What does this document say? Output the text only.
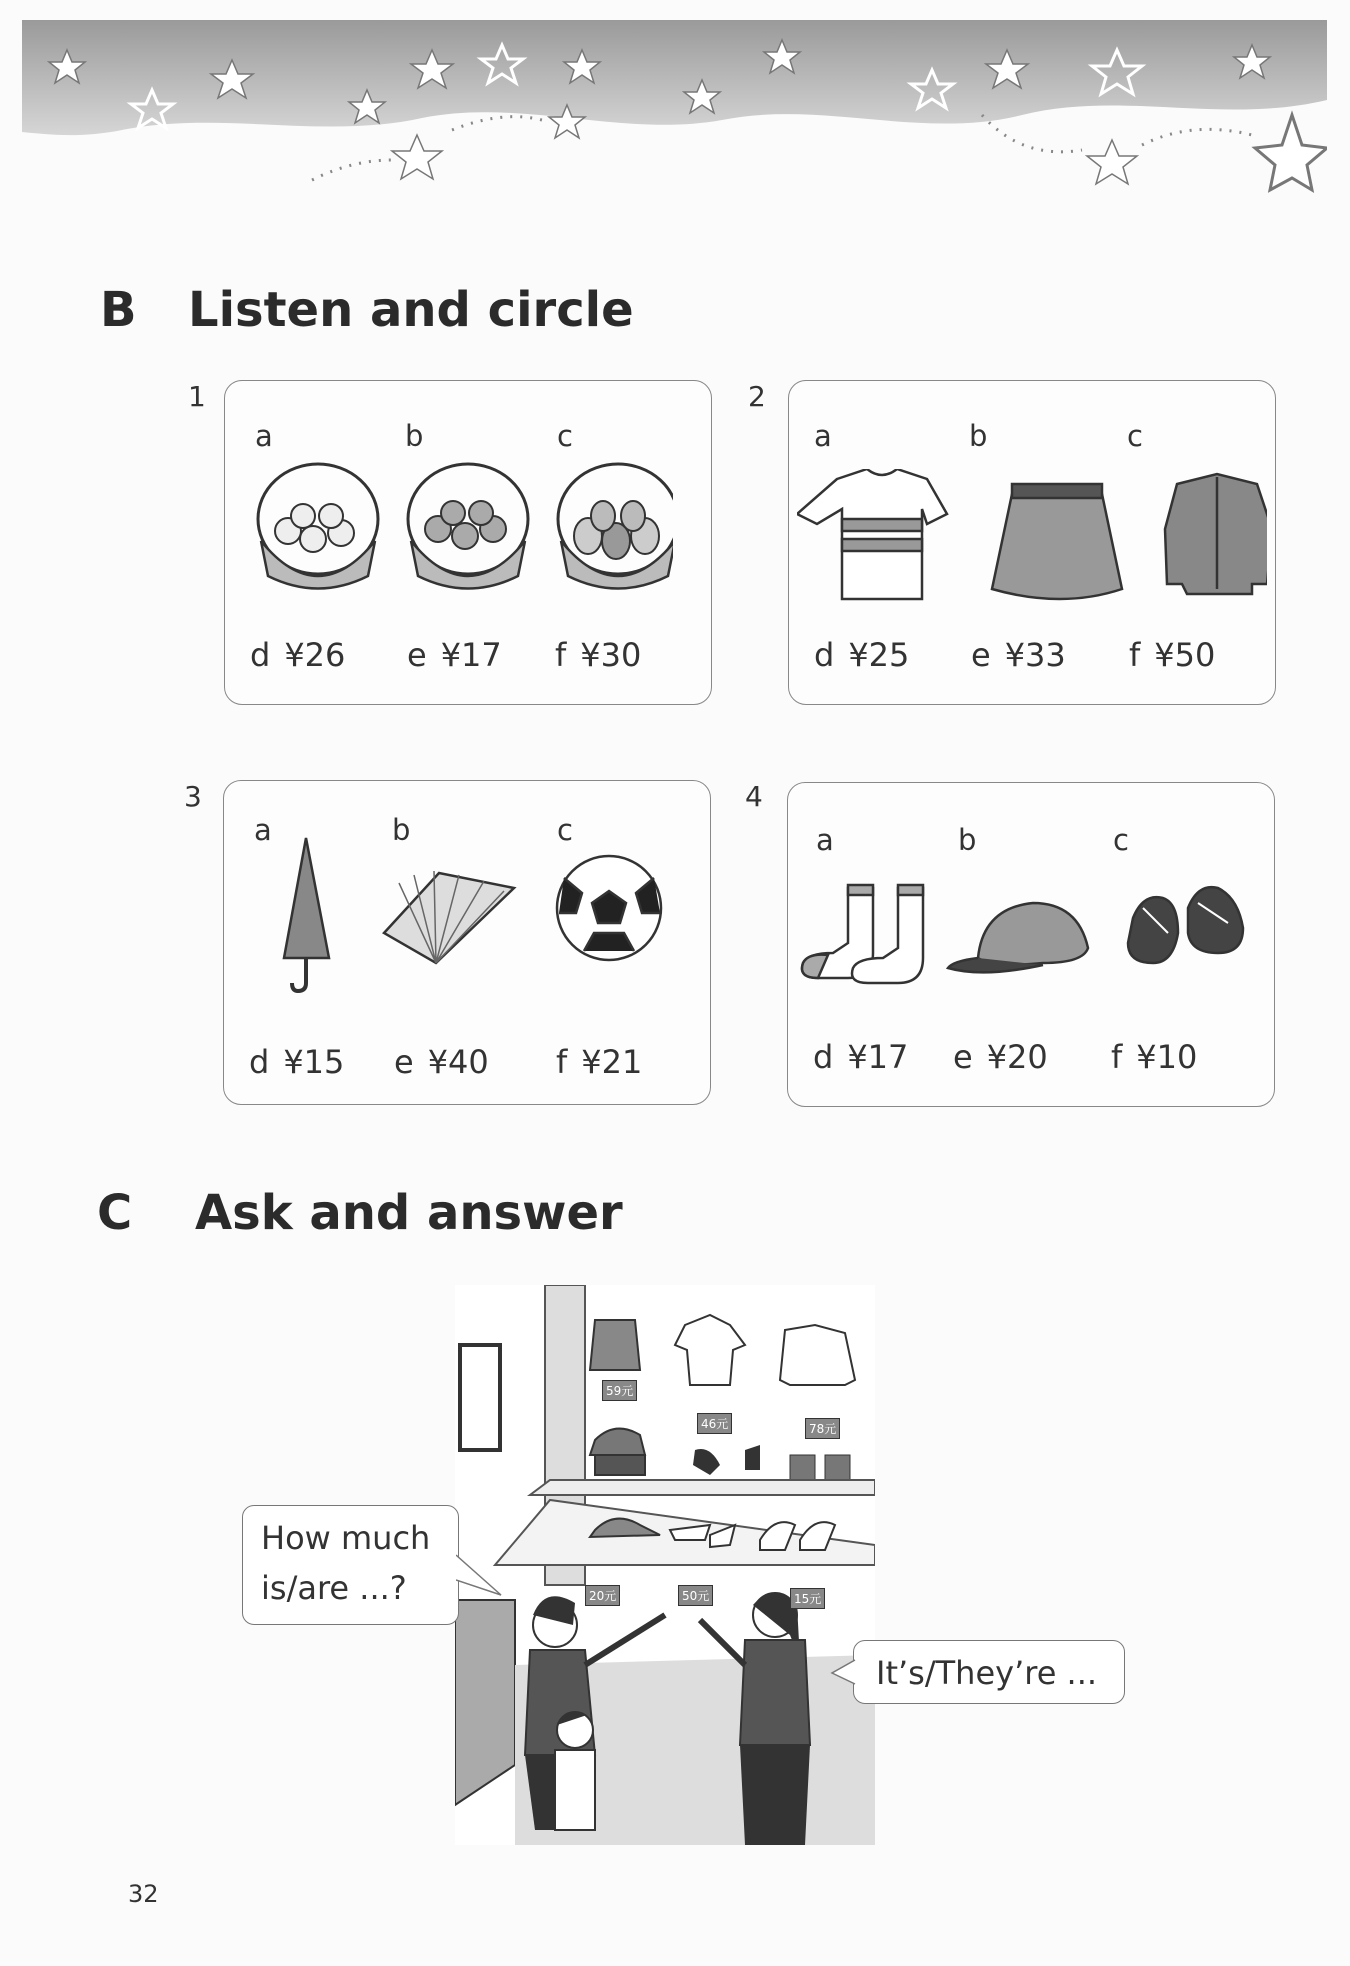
B Listen and circle
1
a	b	c
d ¥26 e ¥17 f ¥30
2
a	b	c
d ¥25 e ¥33 f ¥50
3
a	b	c
d ¥15 e ¥40 f ¥21
4
a	b	c
d ¥17 e ¥20 f ¥10
C Ask and answer
59元
46元	78元
20元	50元	15元
How much
is/are ...?
It’s/They’re ...
32
